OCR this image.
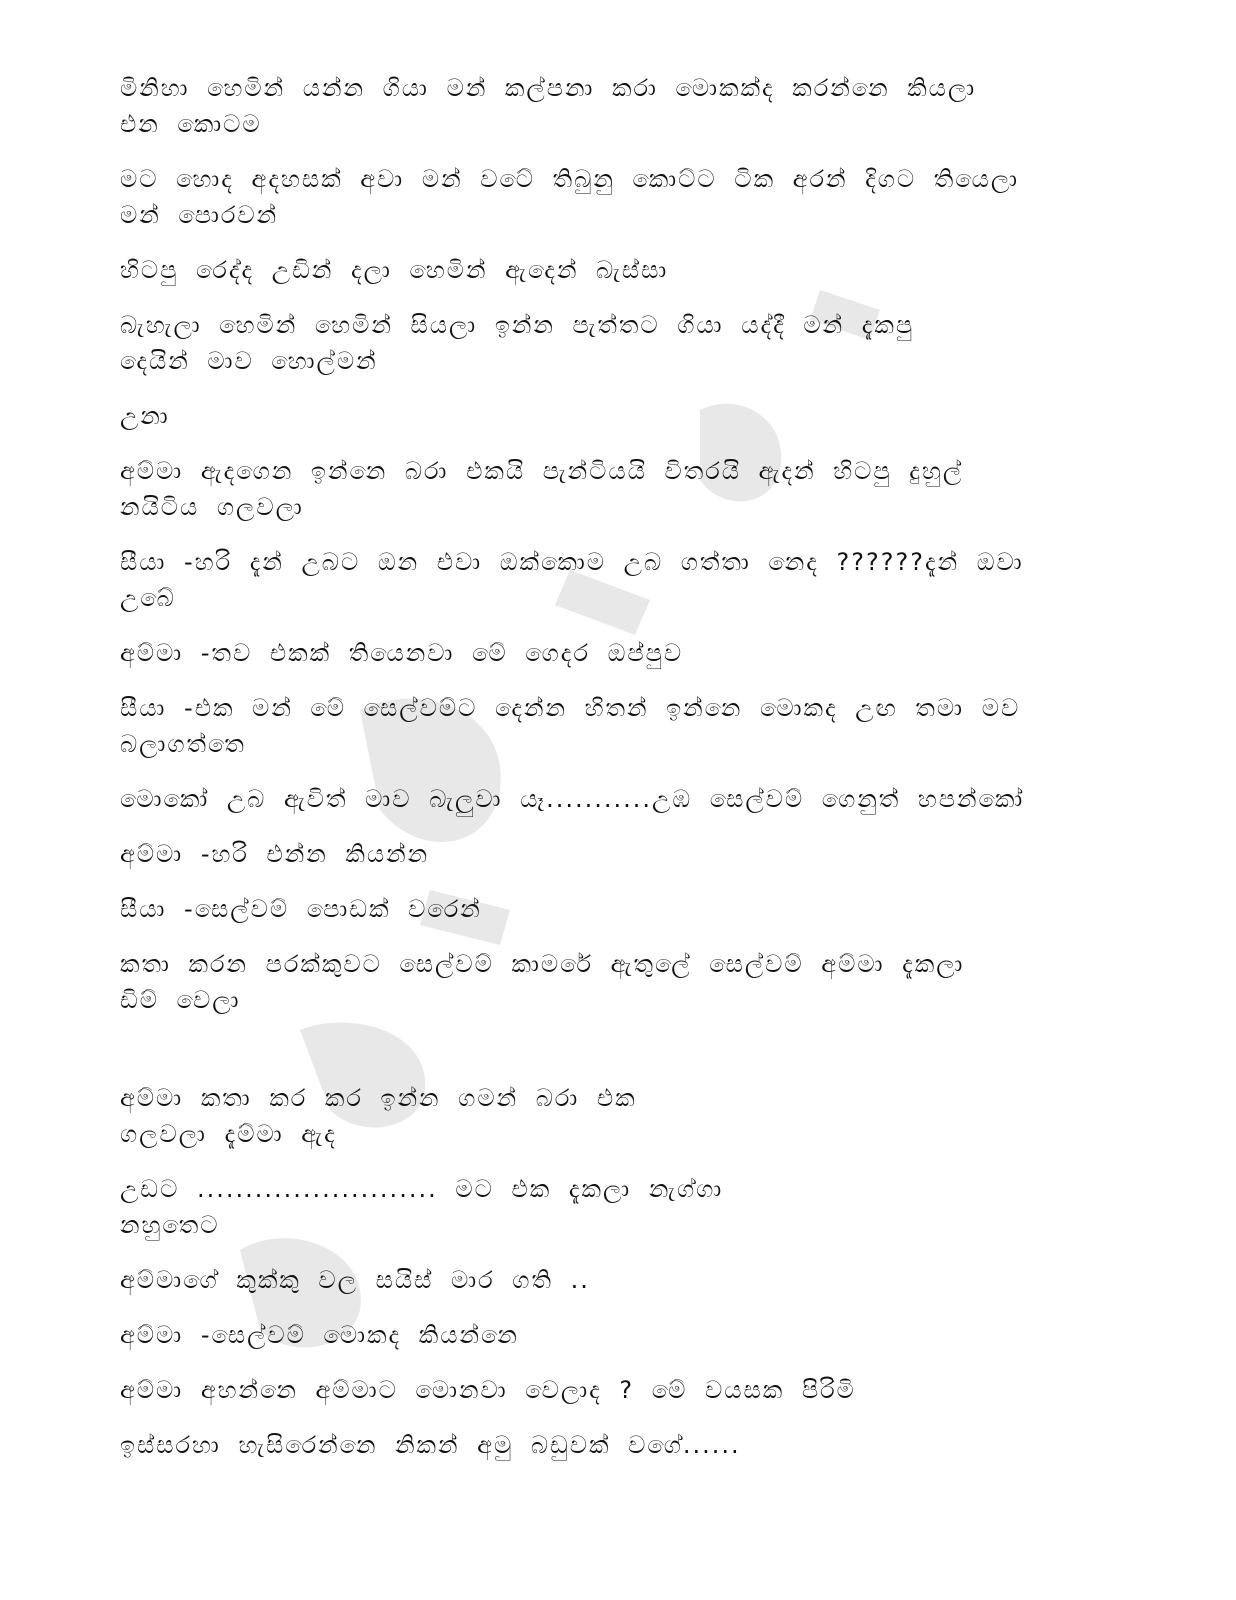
මිනිහා හෙමින් යන්න ගියා මන් කල්පනා කරා මොකක්ද කරන්නෙ කියලා
එන කොටම

මට හොද අදහසක් අවා මන් වටේ තිබුනු කොට්ට ටික අරන් දිගට තියෙලා
මන් පොරවන්

හිටපු රෙද්ද උඩින් දලා හෙමින් ඇදෙන් බැස්සා

බැහැලා හෙමින් හෙමින් සියලා ඉන්න පැත්තට ගියා යද්දී මන් දැකපු
දෙයින් මාව හොල්මන්

උනා

අම්මා ඇදගෙන ඉන්නෙ බරා එකයි පැන්ටියයි විතරයි ඇදන් හිටපු දුහුල්
නයිටිය ගලවලා

සීයා -හරි දැන් උබට ඔන එවා ඔක්කොම උබ ගත්තා නෙද ??????දැන් ඔවා
උබේ

අම්මා -තව එකක් තියෙනවා මේ ගෙදර ඔප්පුව

සීයා -එක මන් මේ සෙල්වම්ට දෙන්න හිතන් ඉන්නෙ මොකද උඟ තමා මව
බලාගත්තෙ

මොකෝ උබ ඇවිත් මාව බැලුවා යෑ...........උඹ සෙල්වම් ගෙනුත් හපන්කෝ

අම්මා -හරි එන්න කියන්න

සීයා -සෙල්වම් පොඩක් වරෙන්

කතා කරන පරක්කුවට සෙල්වම් කාමරේ ඇතුලේ සෙල්වම් අම්මා දැකලා
ඩිම් වෙලා

අම්මා කතා කර කර ඉන්න ගමන් බරා එක
ගලවලා දැම්මා ඇද

උඩට ......................... මට එක දැකලා නැග්ගා
නහුතෙට

අම්මාගේ කුක්කු වල සයිස් මාර ගති ..

අම්මා -සෙල්වම් මොකද කියන්නෙ

අම්මා අහන්නෙ අම්මාට මොනවා වෙලාද ? මේ වයසක පිරිමි

ඉස්සරහා හැසිරෙන්නෙ නිකන් අමු බඩුවක් වගේ......
